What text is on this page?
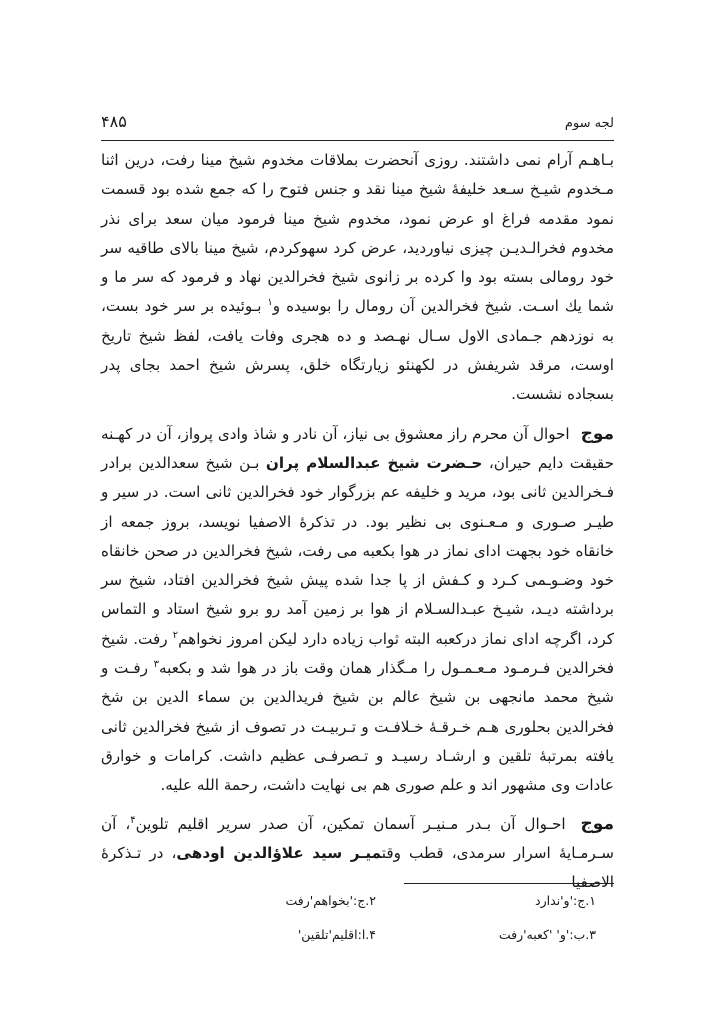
لجه سوم
۴۸۵

بـاهـم آرام نمی داشتند. روزی آنحضرت بملاقات مخدوم شیخ مینا رفت، درین اثنا مـخدوم شیـخ سـعد خلیفهٔ شیخ مینا نقد و جنس فتوح را که جمع شده بود قسمت نمود مقدمه فراغ او عرض نمود، مخدوم شیخ مینا فرمود میان سعد برای نذر مخدوم فخرالـدیـن چیزی نیاوردید، عرض کرد سهوکردم، شیخ مینا بالای طاقیه سر خود رومالی بسته بود وا کرده بر زانوی شیخ فخرالدین نهاد و فرمود که سر ما و شما یك اسـت. شیخ فخرالدین آن رومال را بوسیده و$^۱$ بـوئیده بر سر خود بست، به نوزدهم جـمادی الاول سـال نهـصد و ده هجری وفات یافت، لفظ شیخ تاریخ اوست، مرقد شریفش در لکهنئو زیارتگاه خلق، پسرش شیخ احمد بجای پدر بسجاده نشست.

موج احوال آن محرم راز معشوق بی نیاز، آن نادر و شاذ وادی پرواز، آن در کهـنه حقیقت دایم حیران، حـضرت شیخ عبدالسلام پران بـن شیخ سعدالدین برادر فـخرالدین ثانی بود، مرید و خلیفه عم بزرگوار خود فخرالدین ثانی است. در سیر و طیـر صـوری و مـعـنوی بی نظیر بود. در تذکرهٔ الاصفیا نویسد، بروز جمعه از خانقاه خود بجهت ادای نماز در هوا بکعبه می رفت، شیخ فخرالدین در صحن خانقاه خود وضـوـمی کـرد و کـفش از پا جدا شده پیش شیخ فخرالدین افتاد، شیخ سر برداشته دیـد، شیـخ عبـدالسـلام از هوا بر زمین آمد رو برو شیخ استاد و التماس کرد، اگرچه ادای نماز درکعبه البته ثواب زیاده دارد لیکن امروز نخواهم$^۲$ رفت. شیخ فخرالدین فـرمـود مـعـمـول را مـگذار همان وقت باز در هوا شد و بکعبه$^۳$ رفـت و شیخ محمد مانجهی بن شیخ عالم بن شیخ فریدالدین بن سماء الدین بن شخ فخرالدین بحلوری هـم خـرقـهٔ خـلافـت و تـربیـت در تصوف از شیخ فخرالدین ثانی یافته بمرتبهٔ تلقین و ارشـاد رسیـد و تـصرفـی عظیم داشت. کرامات و خوارق عادات وی مشهور اند و علم صوری هم بی نهایت داشت، رحمة الله علیه.

موج احـوال آن بـدر مـنیـر آسمان تمکین، آن صدر سریر اقلیم تلوین$^۴$، آن سـرمـایهٔ اسرار سرمدی، قطب وقتمیـر سید علاؤالدین اودهی، در تـذکرهٔ الاصفیا

۱.ج:'و'ندارد
۲.ج:'بخواهم'رفت
۳.ب:'و' 'کعبه'رفت
۴.ا:اقلیم'تلقین'
